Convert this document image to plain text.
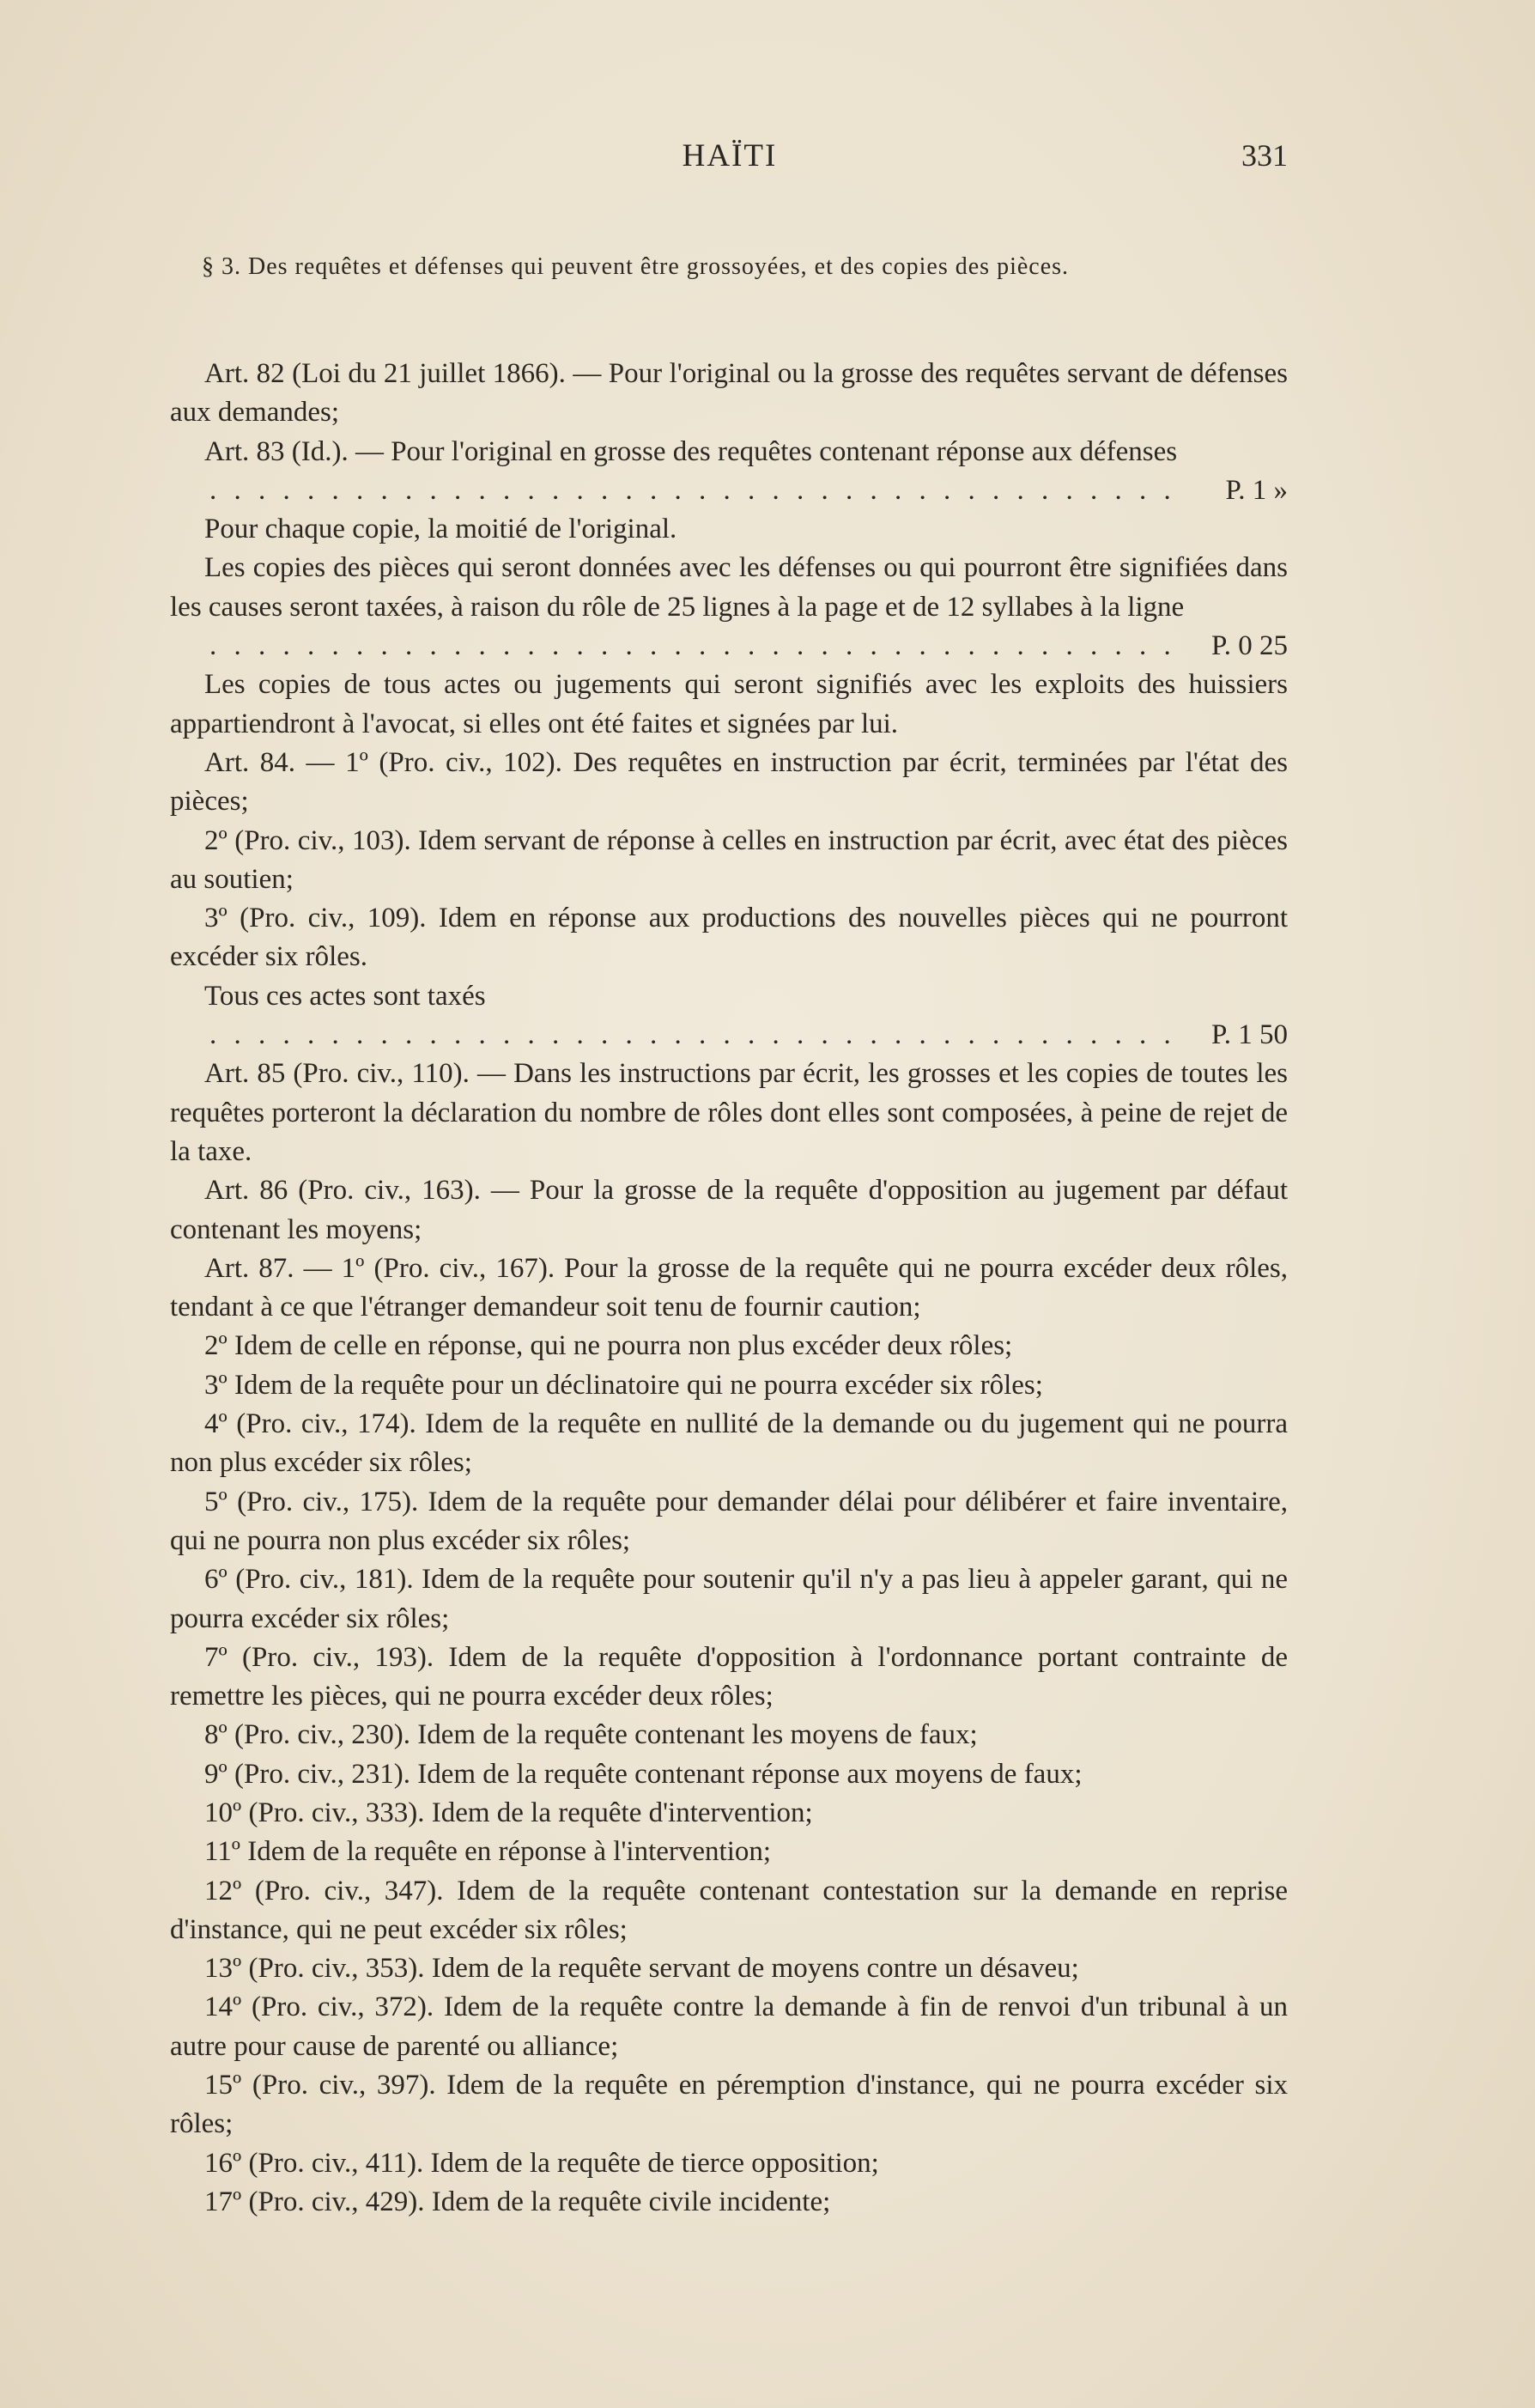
HAÏTI	331
§ 3. Des requêtes et défenses qui peuvent être grossoyées, et des copies des pièces.

Art. 82 (Loi du 21 juillet 1866). — Pour l'original ou la grosse des requêtes servant de défenses aux demandes;

Art. 83 (Id.). — Pour l'original en grosse des requêtes contenant réponse aux défenses
. . .
P. 1 »

Pour chaque copie, la moitié de l'original.

Les copies des pièces qui seront données avec les défenses ou qui pourront être signifiées dans les causes seront taxées, à raison du rôle de 25 lignes à la page et de 12 syllabes à la ligne
. . .
P. 0 25

Les copies de tous actes ou jugements qui seront signifiés avec les exploits des huissiers appartiendront à l'avocat, si elles ont été faites et signées par lui.

Art. 84. — 1º (Pro. civ., 102). Des requêtes en instruction par écrit, terminées par l'état des pièces;

2º (Pro. civ., 103). Idem servant de réponse à celles en instruction par écrit, avec état des pièces au soutien;

3º (Pro. civ., 109). Idem en réponse aux productions des nouvelles pièces qui ne pourront excéder six rôles.

Tous ces actes sont taxés
. . .
P. 1 50

Art. 85 (Pro. civ., 110). — Dans les instructions par écrit, les grosses et les copies de toutes les requêtes porteront la déclaration du nombre de rôles dont elles sont composées, à peine de rejet de la taxe.

Art. 86 (Pro. civ., 163). — Pour la grosse de la requête d'opposition au jugement par défaut contenant les moyens;

Art. 87. — 1º (Pro. civ., 167). Pour la grosse de la requête qui ne pourra excéder deux rôles, tendant à ce que l'étranger demandeur soit tenu de fournir caution;

2º Idem de celle en réponse, qui ne pourra non plus excéder deux rôles;

3º Idem de la requête pour un déclinatoire qui ne pourra excéder six rôles;

4º (Pro. civ., 174). Idem de la requête en nullité de la demande ou du jugement qui ne pourra non plus excéder six rôles;

5º (Pro. civ., 175). Idem de la requête pour demander délai pour délibérer et faire inventaire, qui ne pourra non plus excéder six rôles;

6º (Pro. civ., 181). Idem de la requête pour soutenir qu'il n'y a pas lieu à appeler garant, qui ne pourra excéder six rôles;

7º (Pro. civ., 193). Idem de la requête d'opposition à l'ordonnance portant contrainte de remettre les pièces, qui ne pourra excéder deux rôles;

8º (Pro. civ., 230). Idem de la requête contenant les moyens de faux;

9º (Pro. civ., 231). Idem de la requête contenant réponse aux moyens de faux;

10º (Pro. civ., 333). Idem de la requête d'intervention;

11º Idem de la requête en réponse à l'intervention;

12º (Pro. civ., 347). Idem de la requête contenant contestation sur la demande en reprise d'instance, qui ne peut excéder six rôles;

13º (Pro. civ., 353). Idem de la requête servant de moyens contre un désaveu;

14º (Pro. civ., 372). Idem de la requête contre la demande à fin de renvoi d'un tribunal à un autre pour cause de parenté ou alliance;

15º (Pro. civ., 397). Idem de la requête en péremption d'instance, qui ne pourra excéder six rôles;

16º (Pro. civ., 411). Idem de la requête de tierce opposition;

17º (Pro. civ., 429). Idem de la requête civile incidente;
